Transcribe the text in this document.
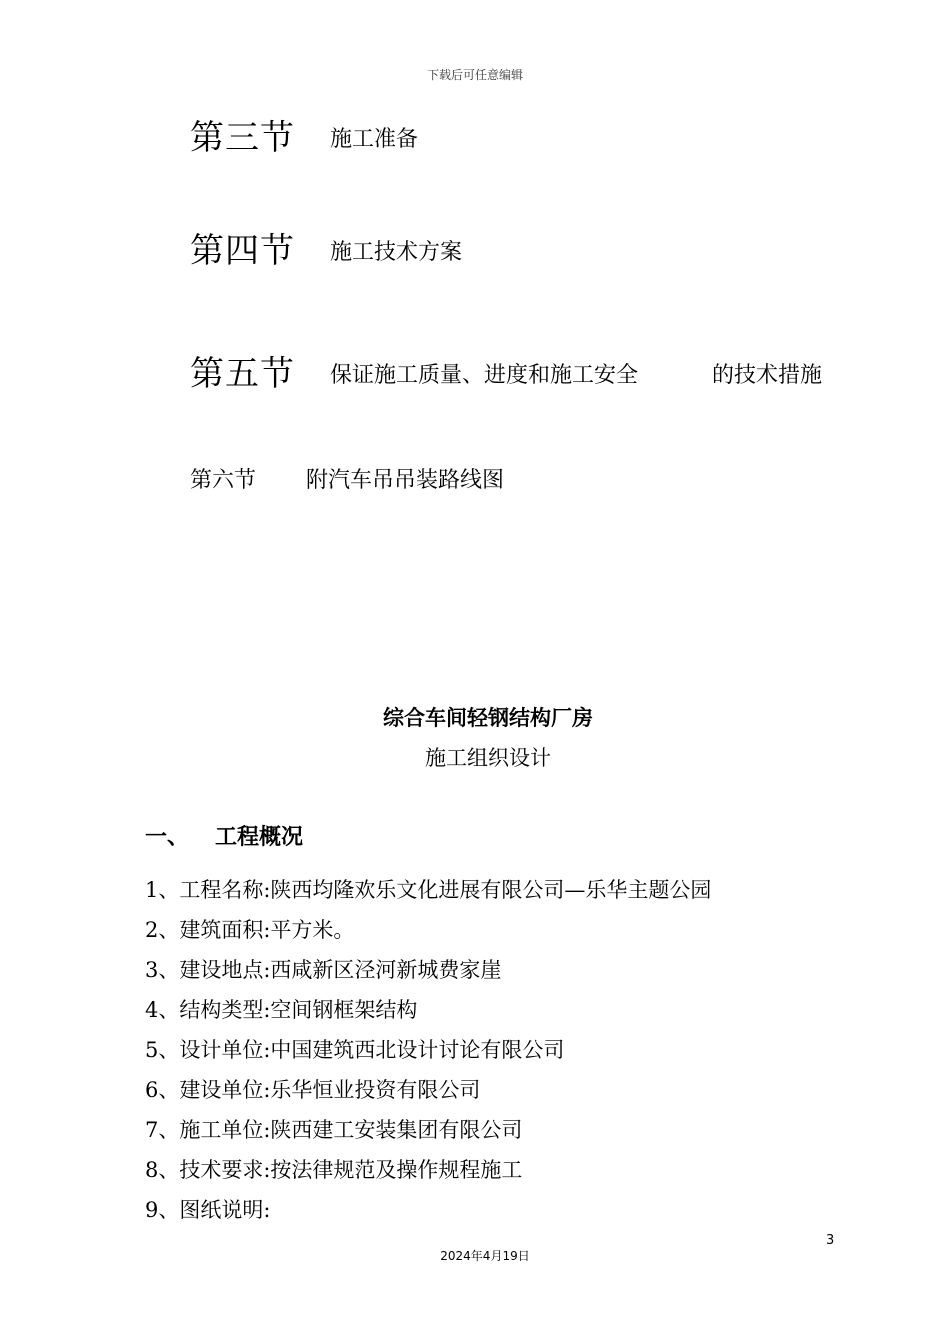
下载后可任意编辑
第三节 施工准备
第四节 施工技术方案
第五节 保证施工质量、进度和施工安全	的技术措施
第六节 附汽车吊吊装路线图
综合车间轻钢结构厂房
施工组织设计
一、 工程概况
1、工程名称:陕西均隆欢乐文化进展有限公司—乐华主题公园
2、建筑面积:平方米。
3、建设地点:西咸新区泾河新城费家崖
4、结构类型:空间钢框架结构
5、设计单位:中国建筑西北设计讨论有限公司
6、建设单位:乐华恒业投资有限公司
7、施工单位:陕西建工安装集团有限公司
8、技术要求:按法律规范及操作规程施工
9、图纸说明:
3
2024年4月19日
